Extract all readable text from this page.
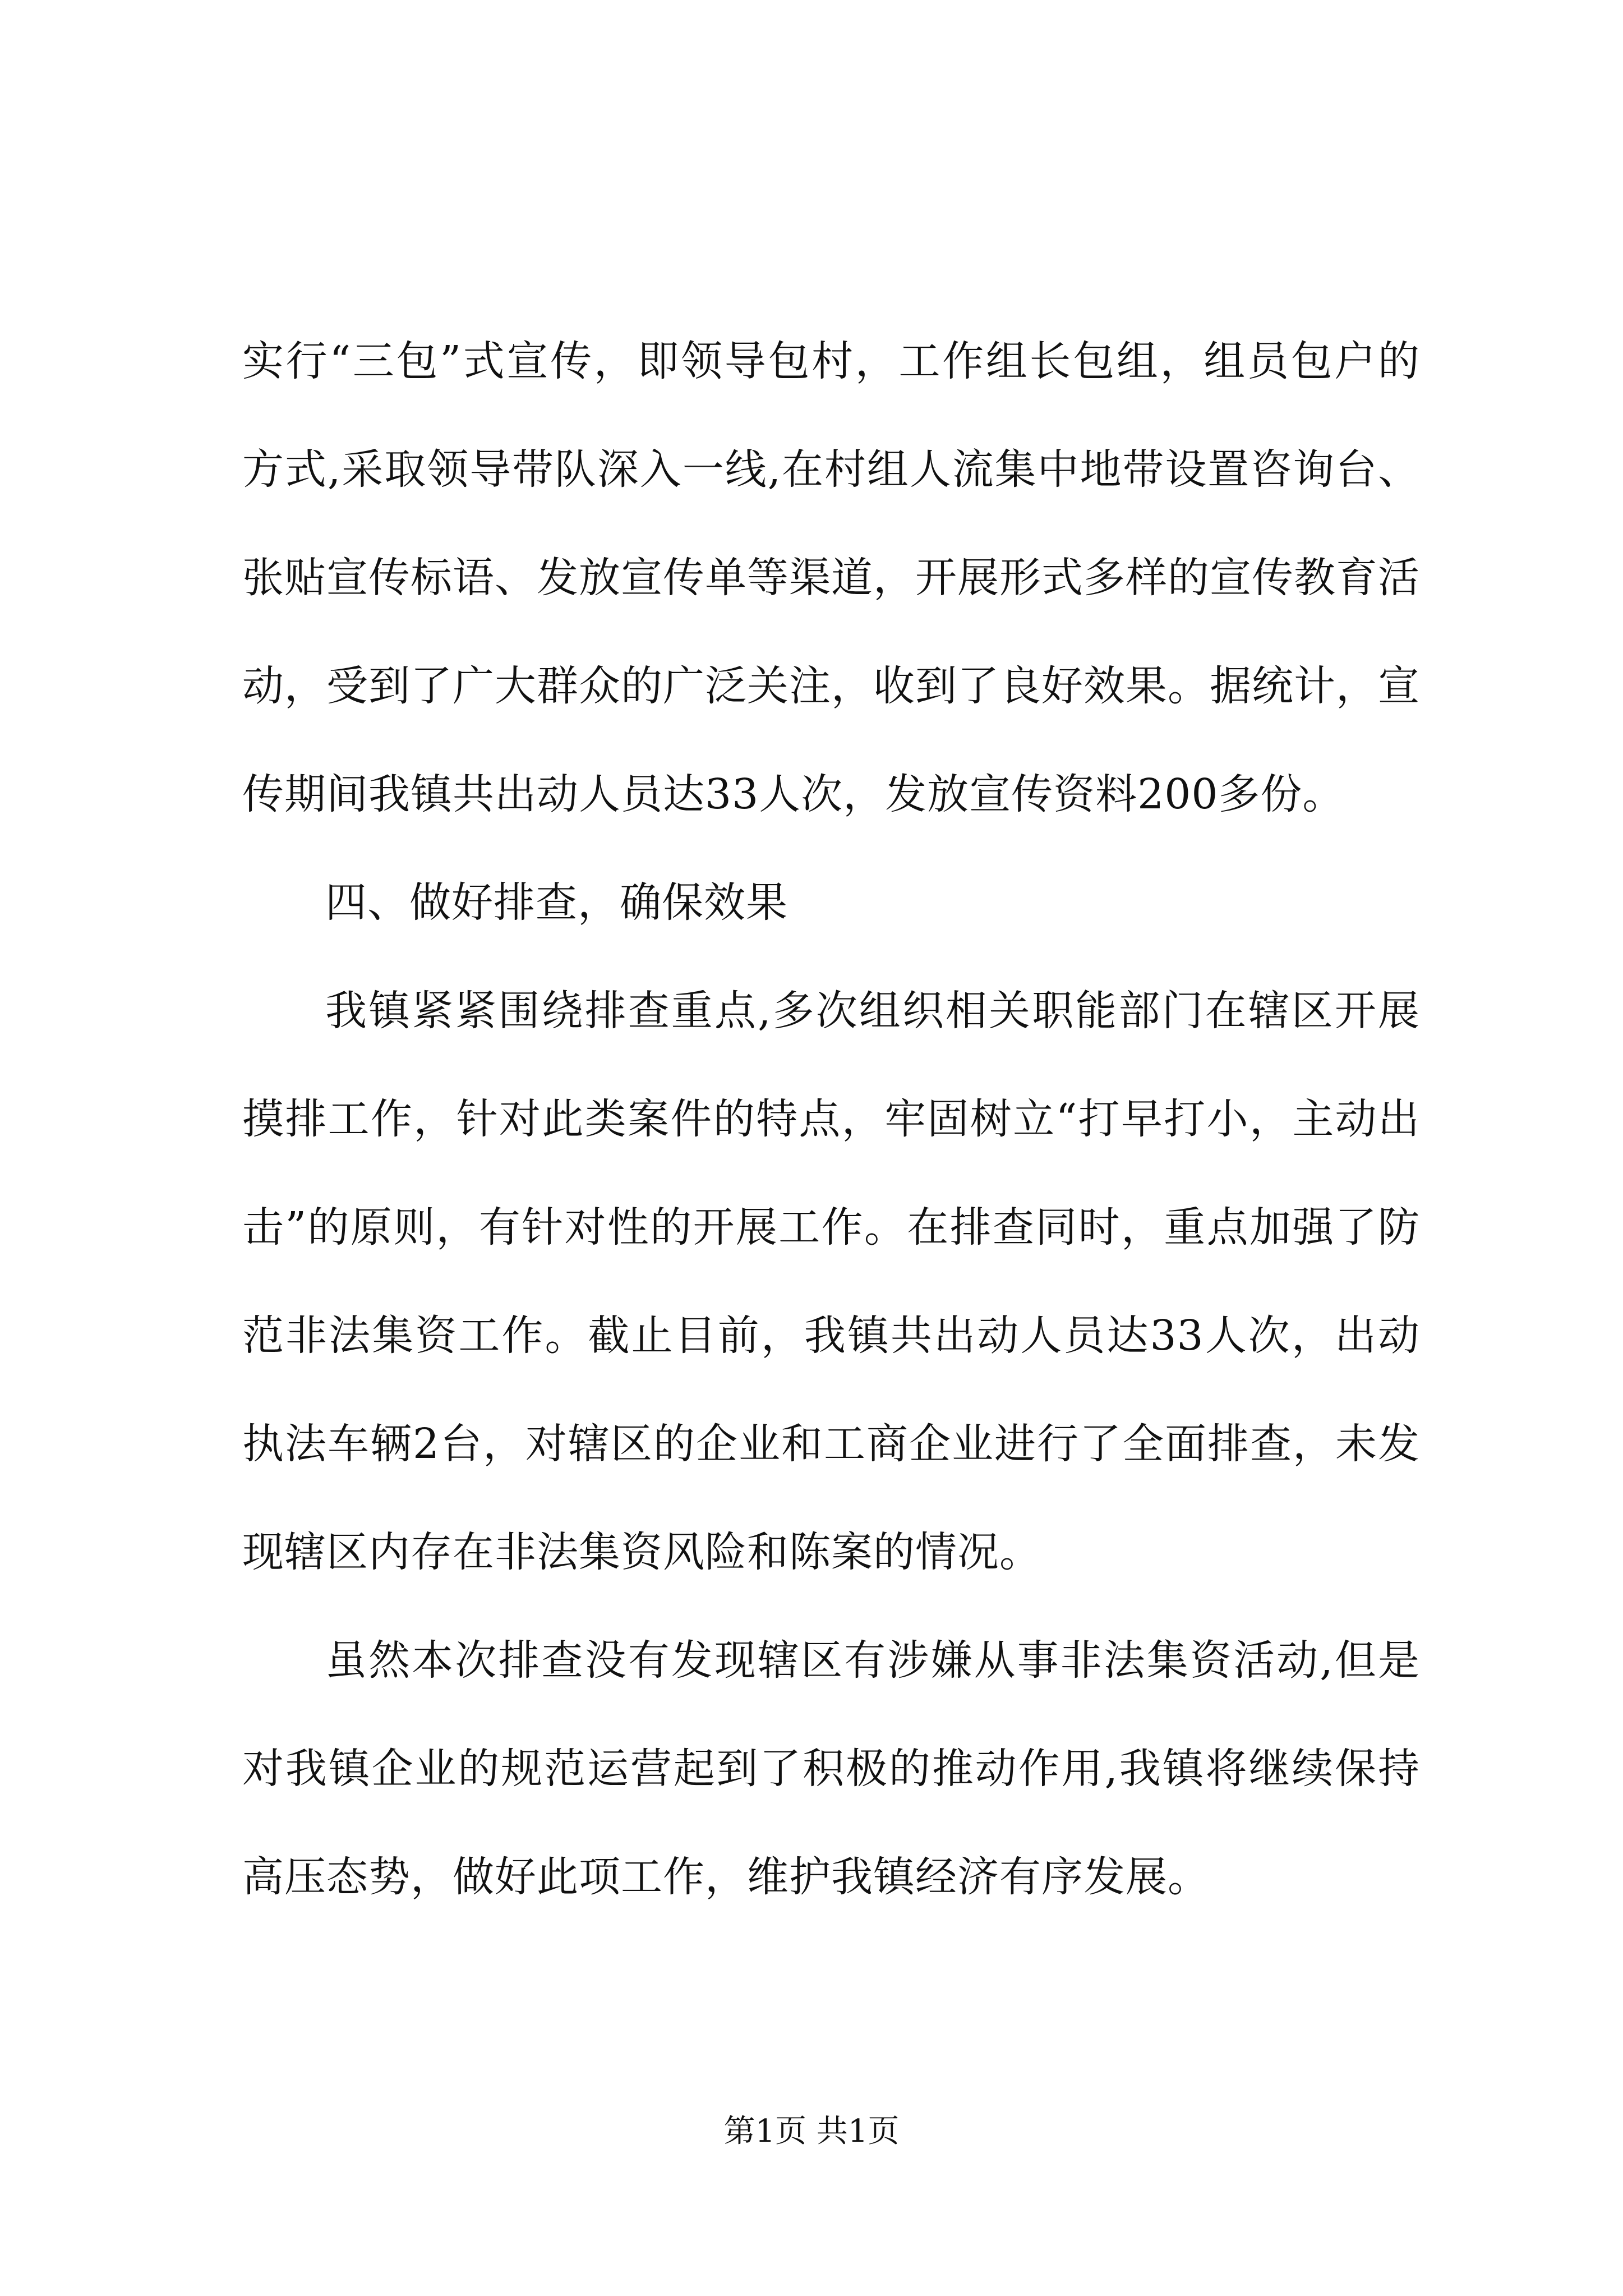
实行“三包”式宣传，即领导包村，工作组长包组，组员包户的
方式,采取领导带队深入一线,在村组人流集中地带设置咨询台、
张贴宣传标语、发放宣传单等渠道，开展形式多样的宣传教育活
动，受到了广大群众的广泛关注，收到了良好效果。据统计，宣
传期间我镇共出动人员达33人次，发放宣传资料200多份。
四、做好排查，确保效果
我镇紧紧围绕排查重点,多次组织相关职能部门在辖区开展
摸排工作，针对此类案件的特点，牢固树立“打早打小，主动出
击”的原则，有针对性的开展工作。在排查同时，重点加强了防
范非法集资工作。截止目前，我镇共出动人员达33人次，出动
执法车辆2台，对辖区的企业和工商企业进行了全面排查，未发
现辖区内存在非法集资风险和陈案的情况。
虽然本次排查没有发现辖区有涉嫌从事非法集资活动,但是
对我镇企业的规范运营起到了积极的推动作用,我镇将继续保持
高压态势，做好此项工作，维护我镇经济有序发展。
第1页 共1页
